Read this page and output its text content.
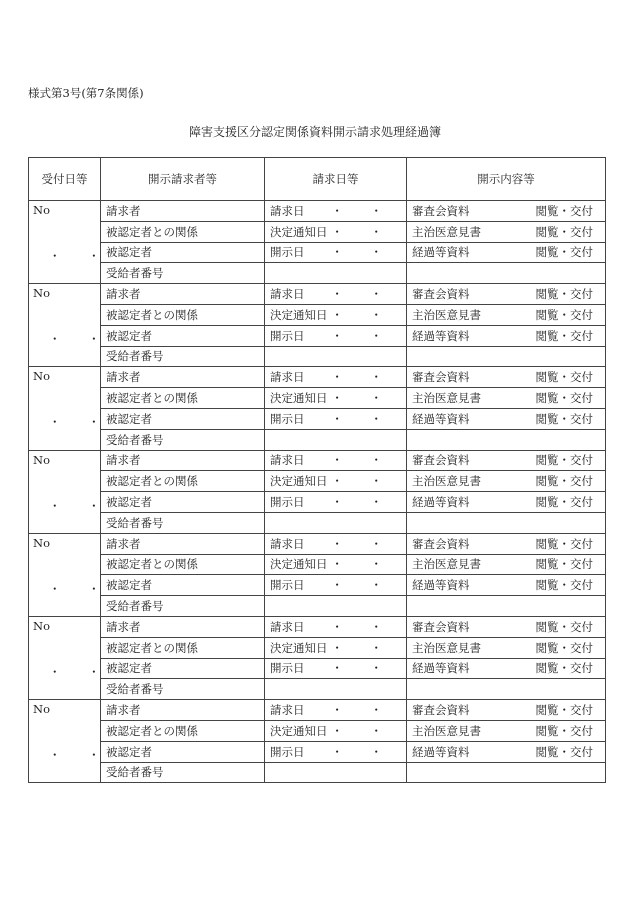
様式第3号(第7条関係)
障害支援区分認定関係資料開示請求処理経過簿
受付日等	開示請求者等	請求日等	開示内容等

No
・ ・	請求者	請求日 ・ ・	審査会資料 閲覧・交付

	被認定者との関係	決定通知日 ・ ・	主治医意見書 閲覧・交付

	被認定者	開示日 ・ ・	経過等資料 閲覧・交付

	受給者番号	

No
・ ・	請求者	請求日 ・ ・	審査会資料 閲覧・交付

	被認定者との関係	決定通知日 ・ ・	主治医意見書 閲覧・交付

	被認定者	開示日 ・ ・	経過等資料 閲覧・交付

	受給者番号	

No
・ ・	請求者	請求日 ・ ・	審査会資料 閲覧・交付

	被認定者との関係	決定通知日 ・ ・	主治医意見書 閲覧・交付

	被認定者	開示日 ・ ・	経過等資料 閲覧・交付

	受給者番号	

No
・ ・	請求者	請求日 ・ ・	審査会資料 閲覧・交付

	被認定者との関係	決定通知日 ・ ・	主治医意見書 閲覧・交付

	被認定者	開示日 ・ ・	経過等資料 閲覧・交付

	受給者番号	

No
・ ・	請求者	請求日 ・ ・	審査会資料 閲覧・交付

	被認定者との関係	決定通知日 ・ ・	主治医意見書 閲覧・交付

	被認定者	開示日 ・ ・	経過等資料 閲覧・交付

	受給者番号	

No
・ ・	請求者	請求日 ・ ・	審査会資料 閲覧・交付

	被認定者との関係	決定通知日 ・ ・	主治医意見書 閲覧・交付

	被認定者	開示日 ・ ・	経過等資料 閲覧・交付

	受給者番号	

No
・ ・	請求者	請求日 ・ ・	審査会資料 閲覧・交付

	被認定者との関係	決定通知日 ・ ・	主治医意見書 閲覧・交付

	被認定者	開示日 ・ ・	経過等資料 閲覧・交付

	受給者番号	
